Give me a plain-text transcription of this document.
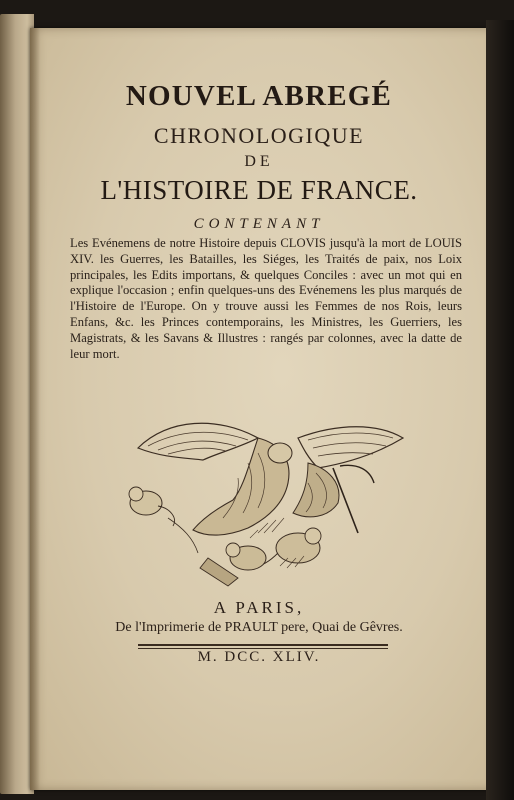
NOUVEL ABREGÉ
CHRONOLOGIQUE
DE
L'HISTOIRE DE FRANCE.
CONTENANT
Les Evénemens de notre Histoire depuis CLOVIS jusqu'à la mort de LOUIS XIV. les Guerres, les Batailles, les Siéges, les Traités de paix, nos Loix principales, les Edits importans, & quelques Conciles : avec un mot qui en explique l'occasion ; enfin quelques-uns des Evénemens les plus marqués de l'Histoire de l'Europe. On y trouve aussi les Femmes de nos Rois, leurs Enfans, &c. les Princes contemporains, les Ministres, les Guerriers, les Magistrats, & les Savans & Illustres : rangés par colonnes, avec la datte de leur mort.
A PARIS,
De l'Imprimerie de PRAULT pere, Quai de Gêvres.
M. DCC. XLIV.
